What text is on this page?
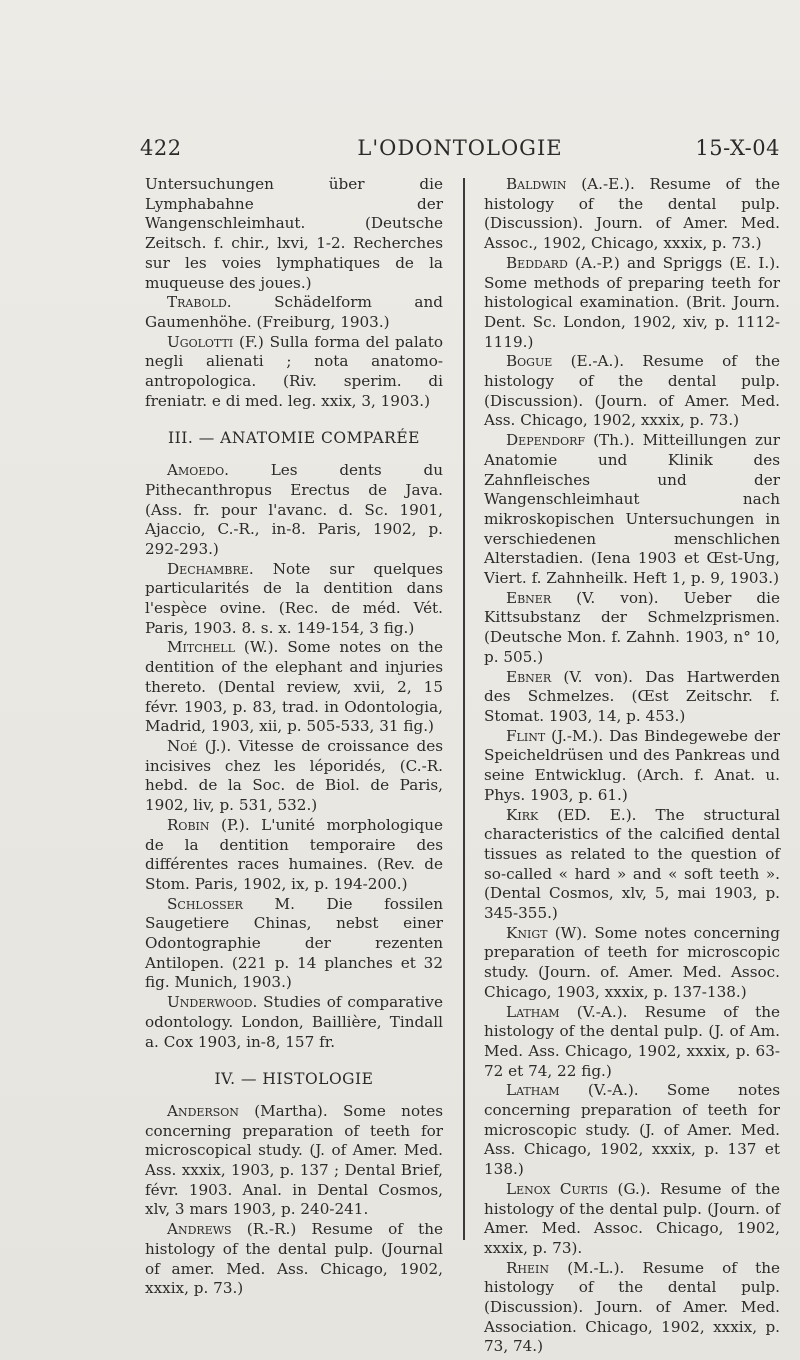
422	L'ODONTOLOGIE	15-X-04

Untersuchungen über die Lymphabahne der Wangenschleimhaut. (Deutsche Zeitsch. f. chir., lxvi, 1-2. Recherches sur les voies lymphatiques de la muqueuse des joues.)

Trabold. Schädelform and Gaumenhöhe. (Freiburg, 1903.)

Ugolotti (F.) Sulla forma del palato negli alienati ; nota anatomo-antropologica. (Riv. sperim. di freniatr. e di med. leg. xxix, 3, 1903.)

III. — ANATOMIE COMPARÉE

Amoedo. Les dents du Pithecanthropus Erectus de Java. (Ass. fr. pour l'avanc. d. Sc. 1901, Ajaccio, C.-R., in-8. Paris, 1902, p. 292-293.)

Dechambre. Note sur quelques particularités de la dentition dans l'espèce ovine. (Rec. de méd. Vét. Paris, 1903. 8. s. x. 149-154, 3 fig.)

Mitchell (W.). Some notes on the dentition of the elephant and injuries thereto. (Dental review, xvii, 2, 15 févr. 1903, p. 83, trad. in Odontologia, Madrid, 1903, xii, p. 505-533, 31 fig.)

Noé (J.). Vitesse de croissance des incisives chez les léporidés, (C.-R. hebd. de la Soc. de Biol. de Paris, 1902, liv, p. 531, 532.)

Robin (P.). L'unité morphologique de la dentition temporaire des différentes races humaines. (Rev. de Stom. Paris, 1902, ix, p. 194-200.)

Schlosser M. Die fossilen Saugetiere Chinas, nebst einer Odontographie der rezenten Antilopen. (221 p. 14 planches et 32 fig. Munich, 1903.)

Underwood. Studies of comparative odontology. London, Baillière, Tindall a. Cox 1903, in-8, 157 fr.

IV. — HISTOLOGIE

Anderson (Martha). Some notes concerning preparation of teeth for microscopical study. (J. of Amer. Med. Ass. xxxix, 1903, p. 137 ; Dental Brief, févr. 1903. Anal. in Dental Cosmos, xlv, 3 mars 1903, p. 240-241.

Andrews (R.-R.) Resume of the histology of the dental pulp. (Journal of amer. Med. Ass. Chicago, 1902, xxxix, p. 73.)

Baldwin (A.-E.). Resume of the histology of the dental pulp. (Discussion). Journ. of Amer. Med. Assoc., 1902, Chicago, xxxix, p. 73.)

Beddard (A.-P.) and Spriggs (E. I.). Some methods of preparing teeth for histological examination. (Brit. Journ. Dent. Sc. London, 1902, xiv, p. 1112-1119.)

Bogue (E.-A.). Resume of the histology of the dental pulp. (Discussion). (Journ. of Amer. Med. Ass. Chicago, 1902, xxxix, p. 73.)

Dependorf (Th.). Mitteillungen zur Anatomie und Klinik des Zahnfleisches und der Wangenschleimhaut nach mikroskopischen Untersuchungen in verschiedenen menschlichen Alterstadien. (Iena 1903 et Œst-Ung, Viert. f. Zahnheilk. Heft 1, p. 9, 1903.)

Ebner (V. von). Ueber die Kittsubstanz der Schmelzprismen. (Deutsche Mon. f. Zahnh. 1903, n° 10, p. 505.)

Ebner (V. von). Das Hartwerden des Schmelzes. (Œst Zeitschr. f. Stomat. 1903, 14, p. 453.)

Flint (J.-M.). Das Bindegewebe der Speicheldrüsen und des Pankreas und seine Entwicklug. (Arch. f. Anat. u. Phys. 1903, p. 61.)

Kirk (ED. E.). The structural characteristics of the calcified dental tissues as related to the question of so-called « hard » and « soft teeth ». (Dental Cosmos, xlv, 5, mai 1903, p. 345-355.)

Knigt (W). Some notes concerning preparation of teeth for microscopic study. (Journ. of. Amer. Med. Assoc. Chicago, 1903, xxxix, p. 137-138.)

Latham (V.-A.). Resume of the histology of the dental pulp. (J. of Am. Med. Ass. Chicago, 1902, xxxix, p. 63-72 et 74, 22 fig.)

Latham (V.-A.). Some notes concerning preparation of teeth for microscopic study. (J. of Amer. Med. Ass. Chicago, 1902, xxxix, p. 137 et 138.)

Lenox Curtis (G.). Resume of the histology of the dental pulp. (Journ. of Amer. Med. Assoc. Chicago, 1902, xxxix, p. 73).

Rhein (M.-L.). Resume of the histology of the dental pulp. (Discussion). Journ. of Amer. Med. Association. Chicago, 1902, xxxix, p. 73, 74.)
